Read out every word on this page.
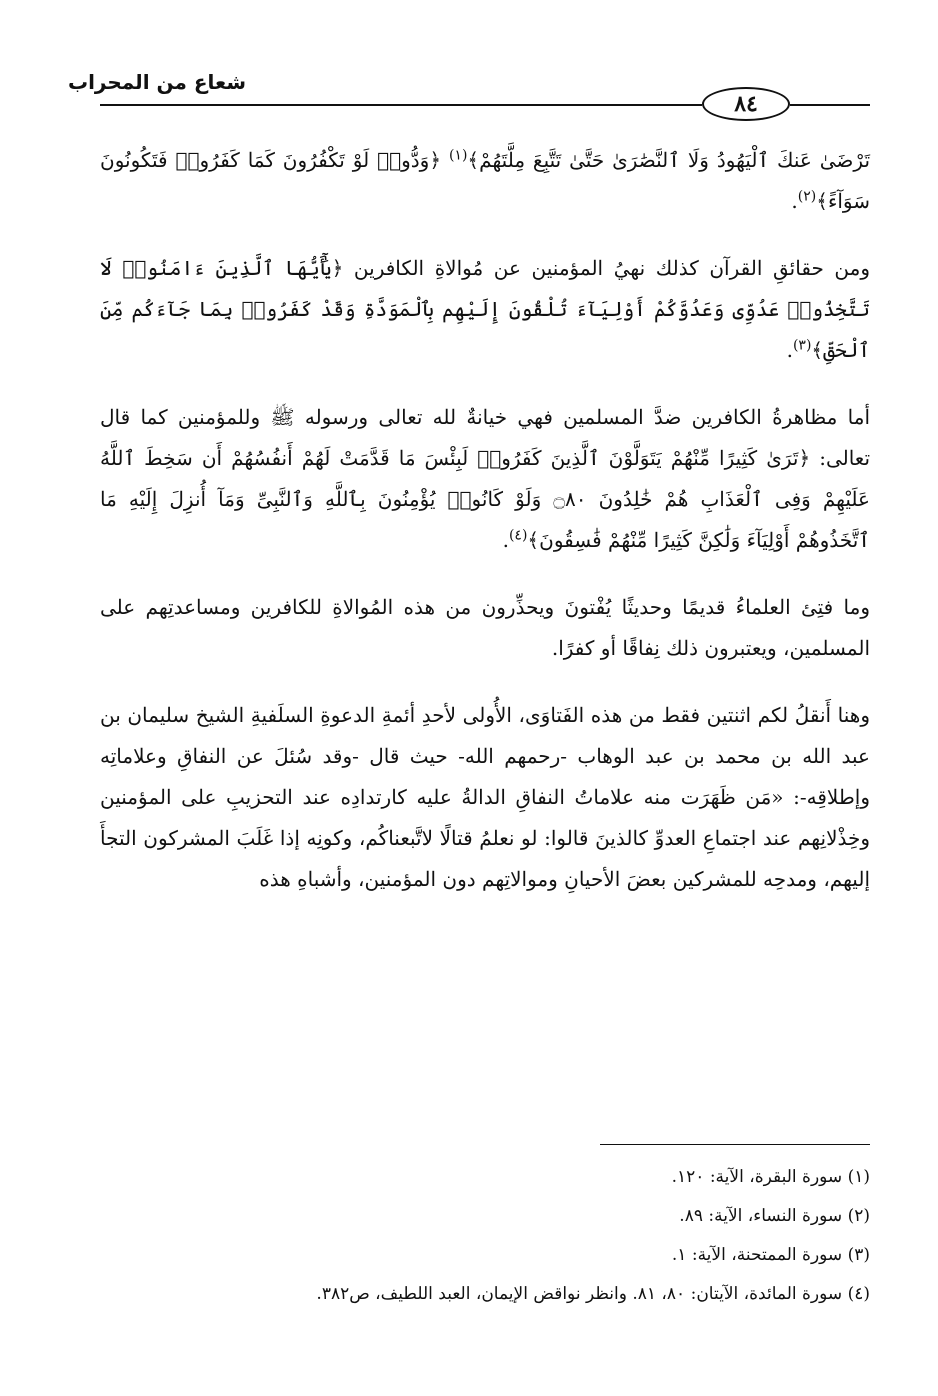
شعاع من المحراب
٨٤

تَرْضَىٰ عَنكَ ٱلْيَهُودُ وَلَا ٱلنَّصَٰرَىٰ حَتَّىٰ تَتَّبِعَ مِلَّتَهُمْ﴾$^{(١)}$ ﴿وَدُّوا۟ لَوْ تَكْفُرُونَ كَمَا كَفَرُوا۟ فَتَكُونُونَ سَوَآءً﴾$^{(٢)}$.

ومن حقائقِ القرآن كذلك نهيُ المؤمنين عن مُوالاةِ الكافرين ﴿يَٰٓأَيُّهَا ٱلَّذِينَ ءَامَنُوا۟ لَا تَتَّخِذُوا۟ عَدُوِّى وَعَدُوَّكُمْ أَوْلِيَآءَ تُلْقُونَ إِلَيْهِم بِٱلْمَوَدَّةِ وَقَدْ كَفَرُوا۟ بِمَا جَآءَكُم مِّنَ ٱلْحَقِّ﴾$^{(٣)}$.

أما مظاهرةُ الكافرين ضدَّ المسلمين فهي خيانةٌ لله تعالى ورسوله ﷺ وللمؤمنين كما قال تعالى: ﴿تَرَىٰ كَثِيرًا مِّنْهُمْ يَتَوَلَّوْنَ ٱلَّذِينَ كَفَرُوا۟ لَبِئْسَ مَا قَدَّمَتْ لَهُمْ أَنفُسُهُمْ أَن سَخِطَ ٱللَّهُ عَلَيْهِمْ وَفِى ٱلْعَذَابِ هُمْ خَٰلِدُونَ ۝٨٠ وَلَوْ كَانُوا۟ يُؤْمِنُونَ بِٱللَّهِ وَٱلنَّبِىِّ وَمَآ أُنزِلَ إِلَيْهِ مَا ٱتَّخَذُوهُمْ أَوْلِيَآءَ وَلَٰكِنَّ كَثِيرًا مِّنْهُمْ فَٰسِقُونَ﴾$^{(٤)}$.

وما فتِئ العلماءُ قديمًا وحديثًا يُفْتونَ ويحذِّرون من هذه المُوالاةِ للكافرين ومساعدتِهم على المسلمين، ويعتبرون ذلك نِفاقًا أو كفرًا.

وهنا أَنقلُ لكم اثنتين فقط من هذه الفَتاوَى، الأُولى لأحدِ أئمةِ الدعوةِ السلَفيةِ الشيخ سليمان بن عبد الله بن محمد بن عبد الوهاب -رحمهم الله- حيث قال -وقد سُئلَ عن النفاقِ وعلاماتِه وإطلاقِه-: «مَن ظَهَرَت منه علاماتُ النفاقِ الدالةُ عليه كارتدادِه عند التحزيبِ على المؤمنين وخِذْلانِهم عند اجتماعِ العدوِّ كالذينَ قالوا: لو نعلمُ قتالًا لاتَّبعناكُم، وكونِه إذا غَلَبَ المشركون التجأَ إليهم، ومدحِه للمشركين بعضَ الأحيانِ وموالاتِهم دون المؤمنين، وأشباهِ هذه

(١) سورة البقرة، الآية: ١٢٠.
(٢) سورة النساء، الآية: ٨٩.
(٣) سورة الممتحنة، الآية: ١.
(٤) سورة المائدة، الآيتان: ٨٠، ٨١. وانظر نواقض الإيمان، العبد اللطيف، ص٣٨٢.
